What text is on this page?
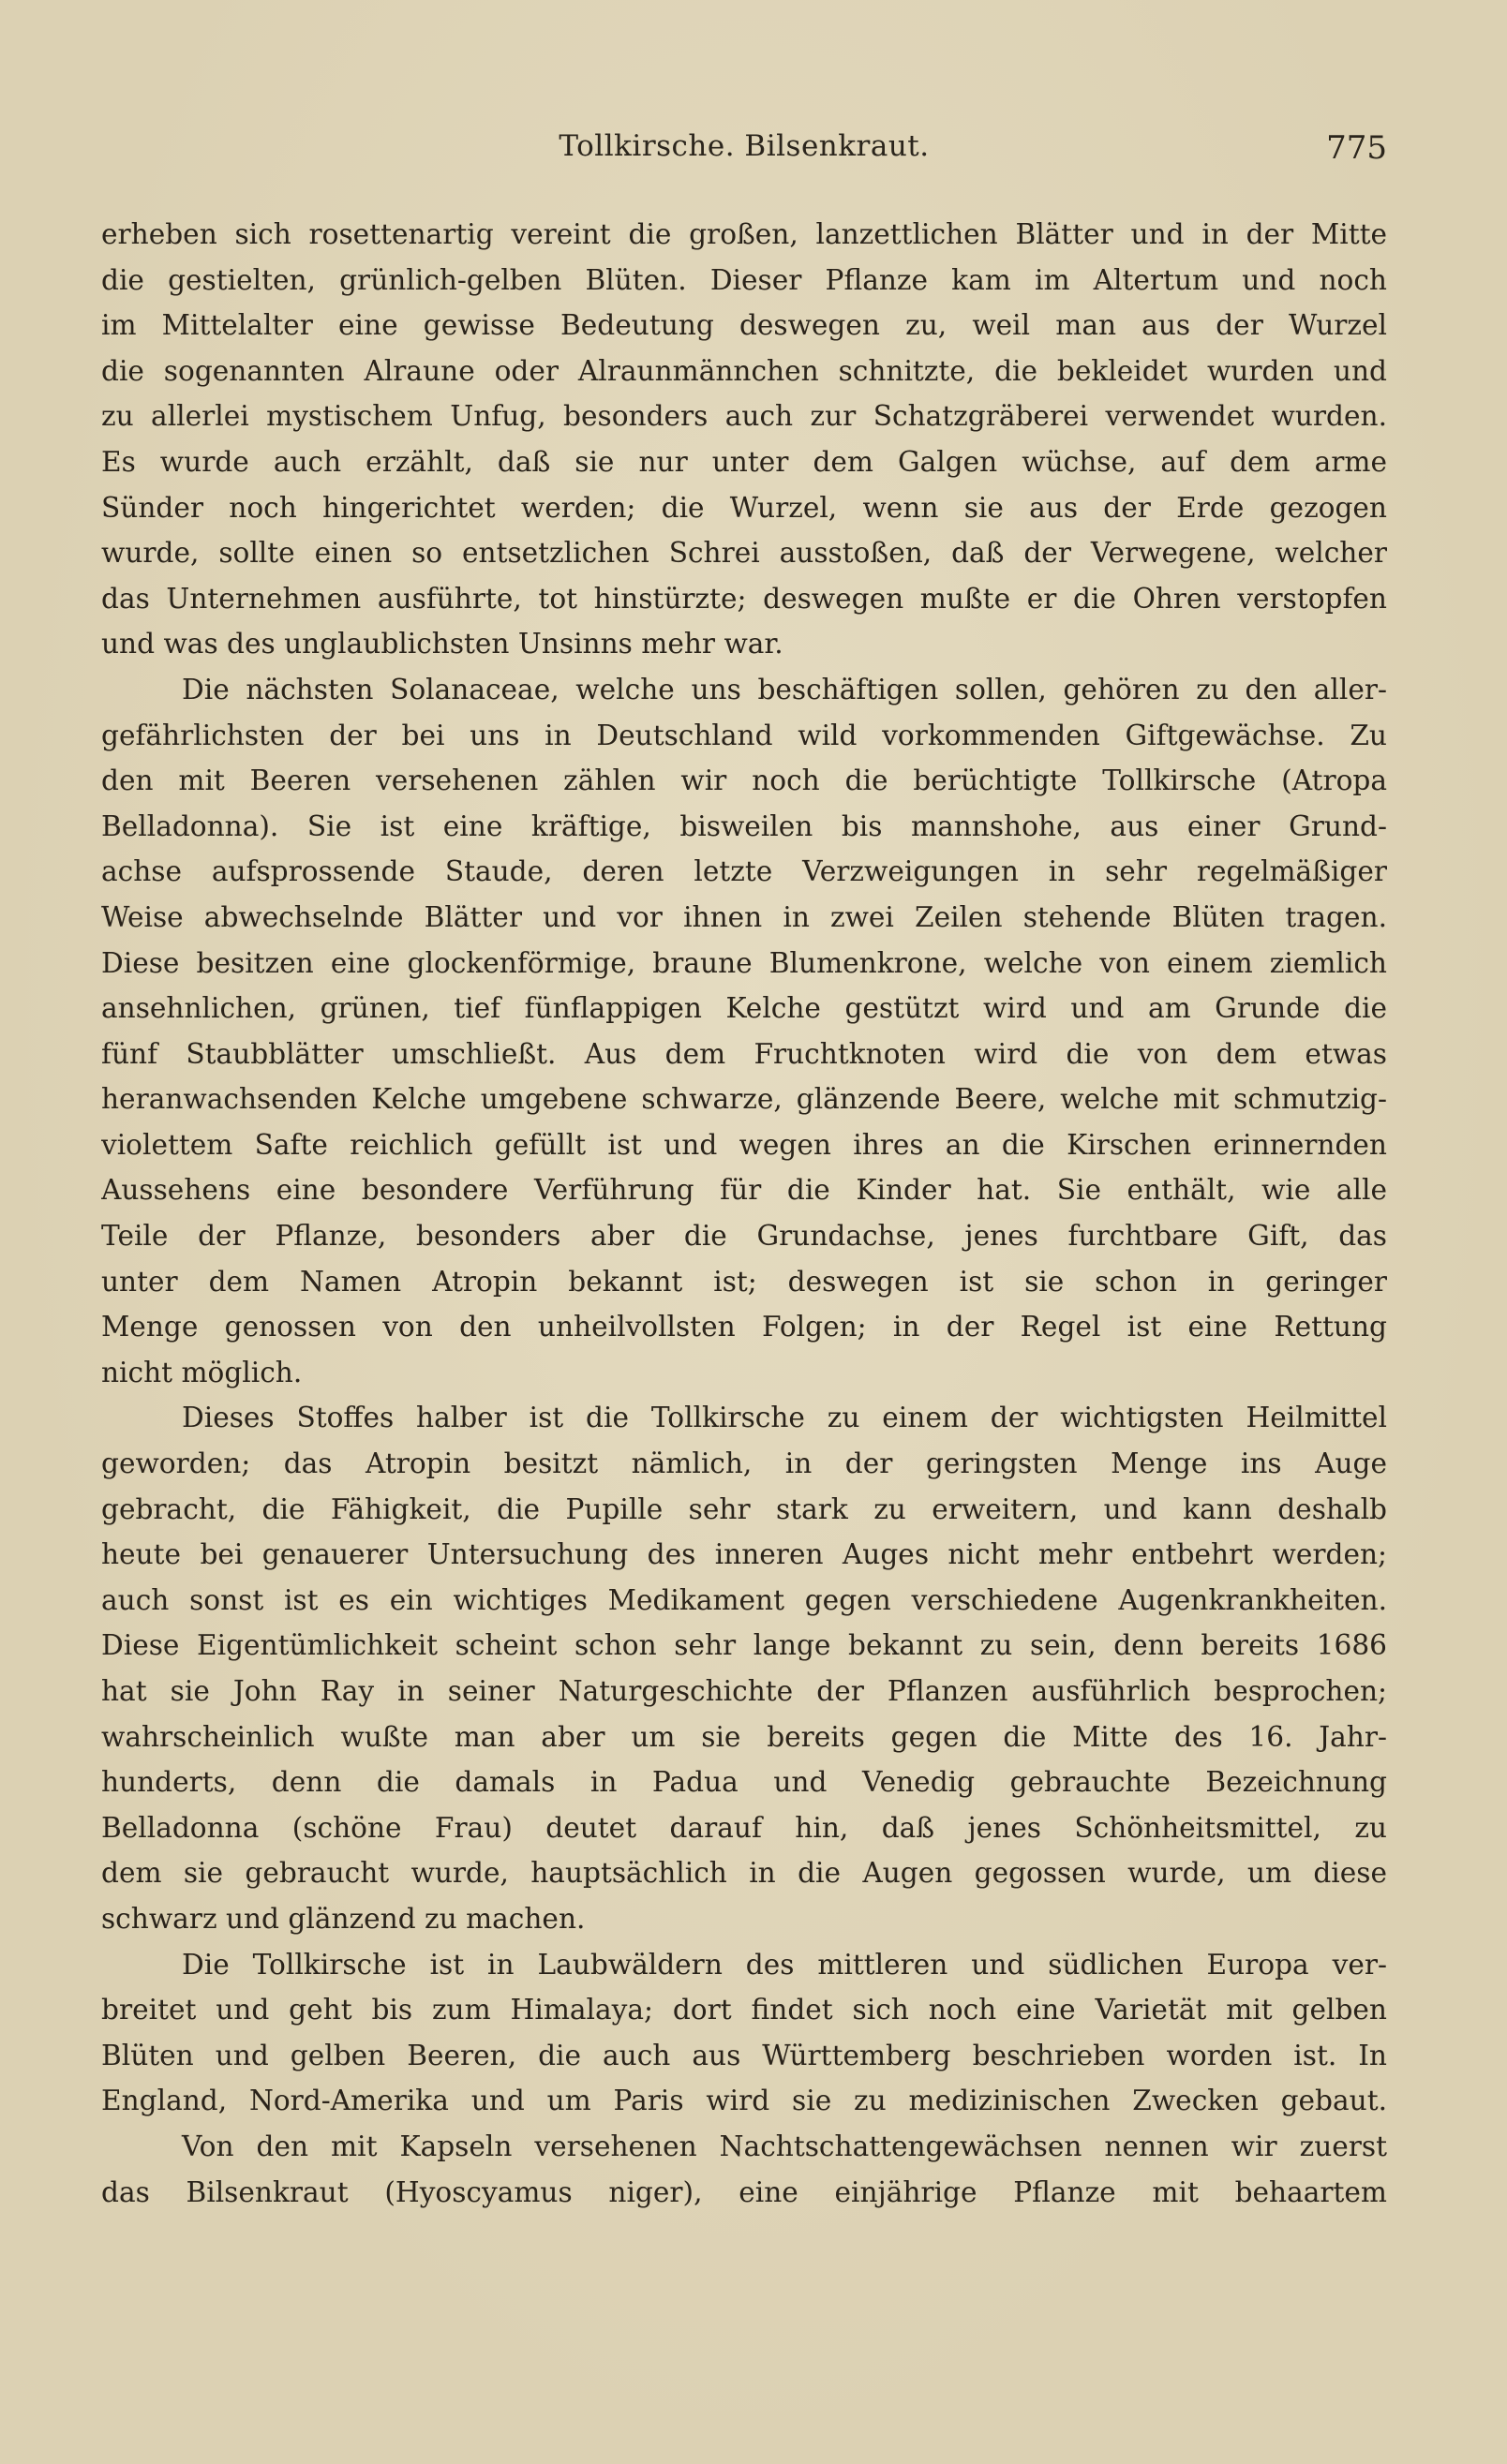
Tollkirsche. Bilsenkraut.	775
erheben sich rosettenartig vereint die großen, lanzettlichen Blätter und in der Mitte
die gestielten, grünlich-gelben Blüten. Dieser Pflanze kam im Altertum und noch
im Mittelalter eine gewisse Bedeutung deswegen zu, weil man aus der Wurzel
die sogenannten Alraune oder Alraunmännchen schnitzte, die bekleidet wurden und
zu allerlei mystischem Unfug, besonders auch zur Schatzgräberei verwendet wurden.
Es wurde auch erzählt, daß sie nur unter dem Galgen wüchse, auf dem arme
Sünder noch hingerichtet werden; die Wurzel, wenn sie aus der Erde gezogen
wurde, sollte einen so entsetzlichen Schrei ausstoßen, daß der Verwegene, welcher
das Unternehmen ausführte, tot hinstürzte; deswegen mußte er die Ohren verstopfen
und was des unglaublichsten Unsinns mehr war.
Die nächsten Solanaceae, welche uns beschäftigen sollen, gehören zu den aller-
gefährlichsten der bei uns in Deutschland wild vorkommenden Giftgewächse. Zu
den mit Beeren versehenen zählen wir noch die berüchtigte Tollkirsche (Atropa
Belladonna). Sie ist eine kräftige, bisweilen bis mannshohe, aus einer Grund-
achse aufsprossende Staude, deren letzte Verzweigungen in sehr regelmäßiger
Weise abwechselnde Blätter und vor ihnen in zwei Zeilen stehende Blüten tragen.
Diese besitzen eine glockenförmige, braune Blumenkrone, welche von einem ziemlich
ansehnlichen, grünen, tief fünflappigen Kelche gestützt wird und am Grunde die
fünf Staubblätter umschließt. Aus dem Fruchtknoten wird die von dem etwas
heranwachsenden Kelche umgebene schwarze, glänzende Beere, welche mit schmutzig-
violettem Safte reichlich gefüllt ist und wegen ihres an die Kirschen erinnernden
Aussehens eine besondere Verführung für die Kinder hat. Sie enthält, wie alle
Teile der Pflanze, besonders aber die Grundachse, jenes furchtbare Gift, das
unter dem Namen Atropin bekannt ist; deswegen ist sie schon in geringer
Menge genossen von den unheilvollsten Folgen; in der Regel ist eine Rettung
nicht möglich.
Dieses Stoffes halber ist die Tollkirsche zu einem der wichtigsten Heilmittel
geworden; das Atropin besitzt nämlich, in der geringsten Menge ins Auge
gebracht, die Fähigkeit, die Pupille sehr stark zu erweitern, und kann deshalb
heute bei genauerer Untersuchung des inneren Auges nicht mehr entbehrt werden;
auch sonst ist es ein wichtiges Medikament gegen verschiedene Augenkrankheiten.
Diese Eigentümlichkeit scheint schon sehr lange bekannt zu sein, denn bereits 1686
hat sie John Ray in seiner Naturgeschichte der Pflanzen ausführlich besprochen;
wahrscheinlich wußte man aber um sie bereits gegen die Mitte des 16. Jahr-
hunderts, denn die damals in Padua und Venedig gebrauchte Bezeichnung
Belladonna (schöne Frau) deutet darauf hin, daß jenes Schönheitsmittel, zu
dem sie gebraucht wurde, hauptsächlich in die Augen gegossen wurde, um diese
schwarz und glänzend zu machen.
Die Tollkirsche ist in Laubwäldern des mittleren und südlichen Europa ver-
breitet und geht bis zum Himalaya; dort findet sich noch eine Varietät mit gelben
Blüten und gelben Beeren, die auch aus Württemberg beschrieben worden ist. In
England, Nord-Amerika und um Paris wird sie zu medizinischen Zwecken gebaut.
Von den mit Kapseln versehenen Nachtschattengewächsen nennen wir zuerst
das Bilsenkraut (Hyoscyamus niger), eine einjährige Pflanze mit behaartem
